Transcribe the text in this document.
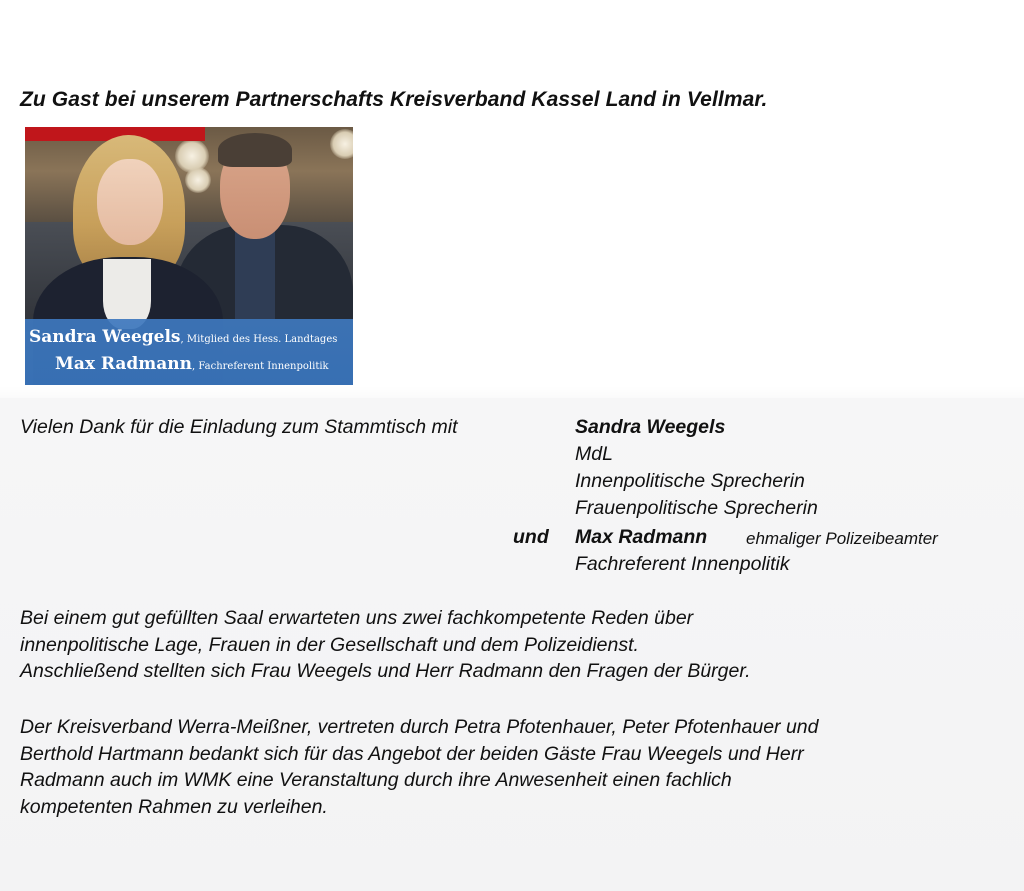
Zu Gast bei unserem Partnerschafts Kreisverband Kassel Land in Vellmar.
Sandra Weegels, Mitglied des Hess. Landtages
Max Radmann, Fachreferent Innenpolitik

Vielen Dank für die Einladung zum Stammtisch mit	Sandra Weegels

MdL

Innenpolitische Sprecherin

Frauenpolitische Sprecherin

und Max Radmann ehmaliger Polizeibeamter

Fachreferent Innenpolitik

Bei einem gut gefüllten Saal erwarteten uns zwei fachkompetente Reden über
innenpolitische Lage, Frauen in der Gesellschaft und dem Polizeidienst.
Anschließend stellten sich Frau Weegels und Herr Radmann den Fragen der Bürger.
Der Kreisverband Werra-Meißner, vertreten durch Petra Pfotenhauer, Peter Pfotenhauer und
Berthold Hartmann bedankt sich für das Angebot der beiden Gäste Frau Weegels und Herr
Radmann auch im WMK eine Veranstaltung durch ihre Anwesenheit einen fachlich
kompetenten Rahmen zu verleihen.
